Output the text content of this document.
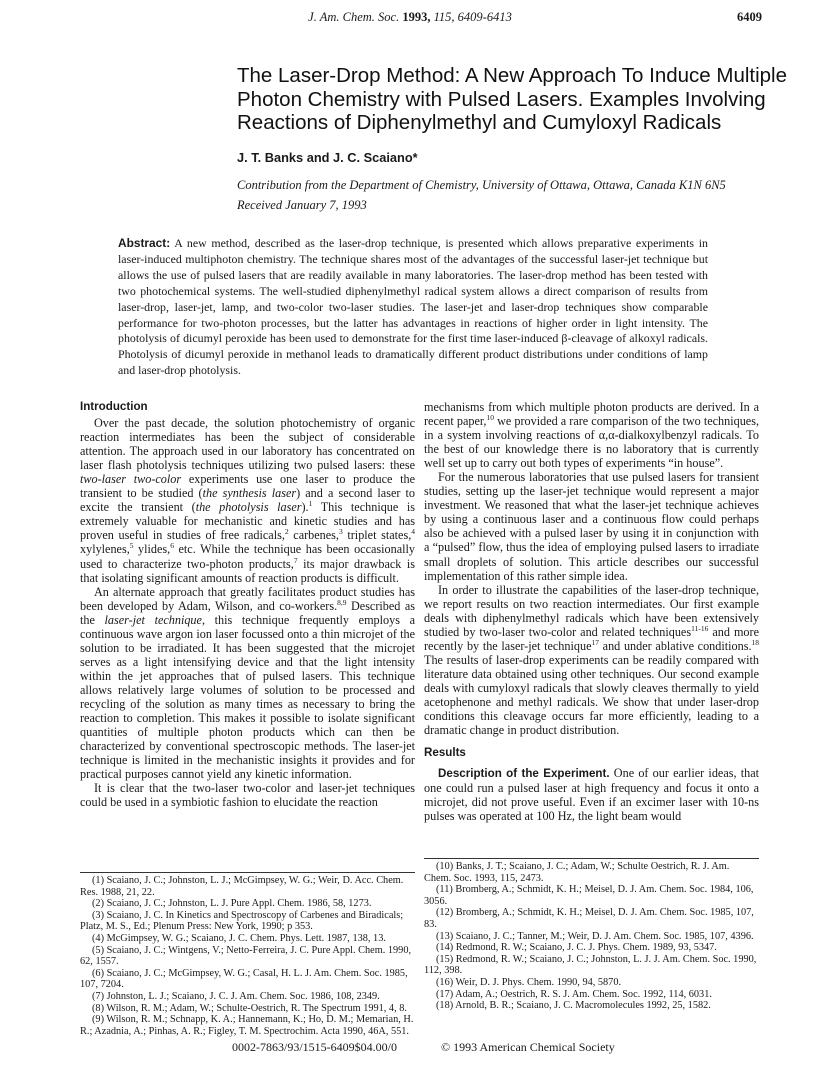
J. Am. Chem. Soc. 1993, 115, 6409-6413	6409
The Laser-Drop Method: A New Approach To Induce Multiple
Photon Chemistry with Pulsed Lasers. Examples Involving
Reactions of Diphenylmethyl and Cumyloxyl Radicals
J. T. Banks and J. C. Scaiano*
Contribution from the Department of Chemistry, University of Ottawa, Ottawa, Canada K1N 6N5
Received January 7, 1993
Abstract: A new method, described as the laser-drop technique, is presented which allows preparative experiments in laser-induced multiphoton chemistry. The technique shares most of the advantages of the successful laser-jet technique but allows the use of pulsed lasers that are readily available in many laboratories. The laser-drop method has been tested with two photochemical systems. The well-studied diphenylmethyl radical system allows a direct comparison of results from laser-drop, laser-jet, lamp, and two-color two-laser studies. The laser-jet and laser-drop techniques show comparable performance for two-photon processes, but the latter has advantages in reactions of higher order in light intensity. The photolysis of dicumyl peroxide has been used to demonstrate for the first time laser-induced β-cleavage of alkoxyl radicals. Photolysis of dicumyl peroxide in methanol leads to dramatically different product distributions under conditions of lamp and laser-drop photolysis.
Introduction

Over the past decade, the solution photochemistry of organic reaction intermediates has been the subject of considerable attention. The approach used in our laboratory has concentrated on laser flash photolysis techniques utilizing two pulsed lasers: these two-laser two-color experiments use one laser to produce the transient to be studied (the synthesis laser) and a second laser to excite the transient (the photolysis laser).$^1$ This technique is extremely valuable for mechanistic and kinetic studies and has proven useful in studies of free radicals,$^2$ carbenes,$^3$ triplet states,$^4$ xylylenes,$^5$ ylides,$^6$ etc. While the technique has been occasionally used to characterize two-photon products,$^7$ its major drawback is that isolating significant amounts of reaction products is difficult.

An alternate approach that greatly facilitates product studies has been developed by Adam, Wilson, and co-workers.$^{8,9}$ Described as the laser-jet technique, this technique frequently employs a continuous wave argon ion laser focussed onto a thin microjet of the solution to be irradiated. It has been suggested that the microjet serves as a light intensifying device and that the light intensity within the jet approaches that of pulsed lasers. This technique allows relatively large volumes of solution to be processed and recycling of the solution as many times as necessary to bring the reaction to completion. This makes it possible to isolate significant quantities of multiple photon products which can then be characterized by conventional spectroscopic methods. The laser-jet technique is limited in the mechanistic insights it provides and for practical purposes cannot yield any kinetic information.

It is clear that the two-laser two-color and laser-jet techniques could be used in a symbiotic fashion to elucidate the reaction

mechanisms from which multiple photon products are derived. In a recent paper,$^{10}$ we provided a rare comparison of the two techniques, in a system involving reactions of α,α-dialkoxylbenzyl radicals. To the best of our knowledge there is no laboratory that is currently well set up to carry out both types of experiments “in house”.

For the numerous laboratories that use pulsed lasers for transient studies, setting up the laser-jet technique would represent a major investment. We reasoned that what the laser-jet technique achieves by using a continuous laser and a continuous flow could perhaps also be achieved with a pulsed laser by using it in conjunction with a “pulsed” flow, thus the idea of employing pulsed lasers to irradiate small droplets of solution. This article describes our successful implementation of this rather simple idea.

In order to illustrate the capabilities of the laser-drop technique, we report results on two reaction intermediates. Our first example deals with diphenylmethyl radicals which have been extensively studied by two-laser two-color and related techniques$^{11-16}$ and more recently by the laser-jet technique$^{17}$ and under ablative conditions.$^{18}$ The results of laser-drop experiments can be readily compared with literature data obtained using other techniques. Our second example deals with cumyloxyl radicals that slowly cleaves thermally to yield acetophenone and methyl radicals. We show that under laser-drop conditions this cleavage occurs far more efficiently, leading to a dramatic change in product distribution.

Results

Description of the Experiment. One of our earlier ideas, that one could run a pulsed laser at high frequency and focus it onto a microjet, did not prove useful. Even if an excimer laser with 10-ns pulses was operated at 100 Hz, the light beam would

(1) Scaiano, J. C.; Johnston, L. J.; McGimpsey, W. G.; Weir, D. Acc. Chem. Res. 1988, 21, 22.
(2) Scaiano, J. C.; Johnston, L. J. Pure Appl. Chem. 1986, 58, 1273.
(3) Scaiano, J. C. In Kinetics and Spectroscopy of Carbenes and Biradicals; Platz, M. S., Ed.; Plenum Press: New York, 1990; p 353.
(4) McGimpsey, W. G.; Scaiano, J. C. Chem. Phys. Lett. 1987, 138, 13.
(5) Scaiano, J. C.; Wintgens, V.; Netto-Ferreira, J. C. Pure Appl. Chem. 1990, 62, 1557.
(6) Scaiano, J. C.; McGimpsey, W. G.; Casal, H. L. J. Am. Chem. Soc. 1985, 107, 7204.
(7) Johnston, L. J.; Scaiano, J. C. J. Am. Chem. Soc. 1986, 108, 2349.
(8) Wilson, R. M.; Adam, W.; Schulte-Oestrich, R. The Spectrum 1991, 4, 8.
(9) Wilson, R. M.; Schnapp, K. A.; Hannemann, K.; Ho, D. M.; Memarian, H. R.; Azadnia, A.; Pinhas, A. R.; Figley, T. M. Spectrochim. Acta 1990, 46A, 551.
(10) Banks, J. T.; Scaiano, J. C.; Adam, W.; Schulte Oestrich, R. J. Am. Chem. Soc. 1993, 115, 2473.
(11) Bromberg, A.; Schmidt, K. H.; Meisel, D. J. Am. Chem. Soc. 1984, 106, 3056.
(12) Bromberg, A.; Schmidt, K. H.; Meisel, D. J. Am. Chem. Soc. 1985, 107, 83.
(13) Scaiano, J. C.; Tanner, M.; Weir, D. J. Am. Chem. Soc. 1985, 107, 4396.
(14) Redmond, R. W.; Scaiano, J. C. J. Phys. Chem. 1989, 93, 5347.
(15) Redmond, R. W.; Scaiano, J. C.; Johnston, L. J. J. Am. Chem. Soc. 1990, 112, 398.
(16) Weir, D. J. Phys. Chem. 1990, 94, 5870.
(17) Adam, A.; Oestrich, R. S. J. Am. Chem. Soc. 1992, 114, 6031.
(18) Arnold, B. R.; Scaiano, J. C. Macromolecules 1992, 25, 1582.
0002-7863/93/1515-6409$04.00/0	© 1993 American Chemical Society
